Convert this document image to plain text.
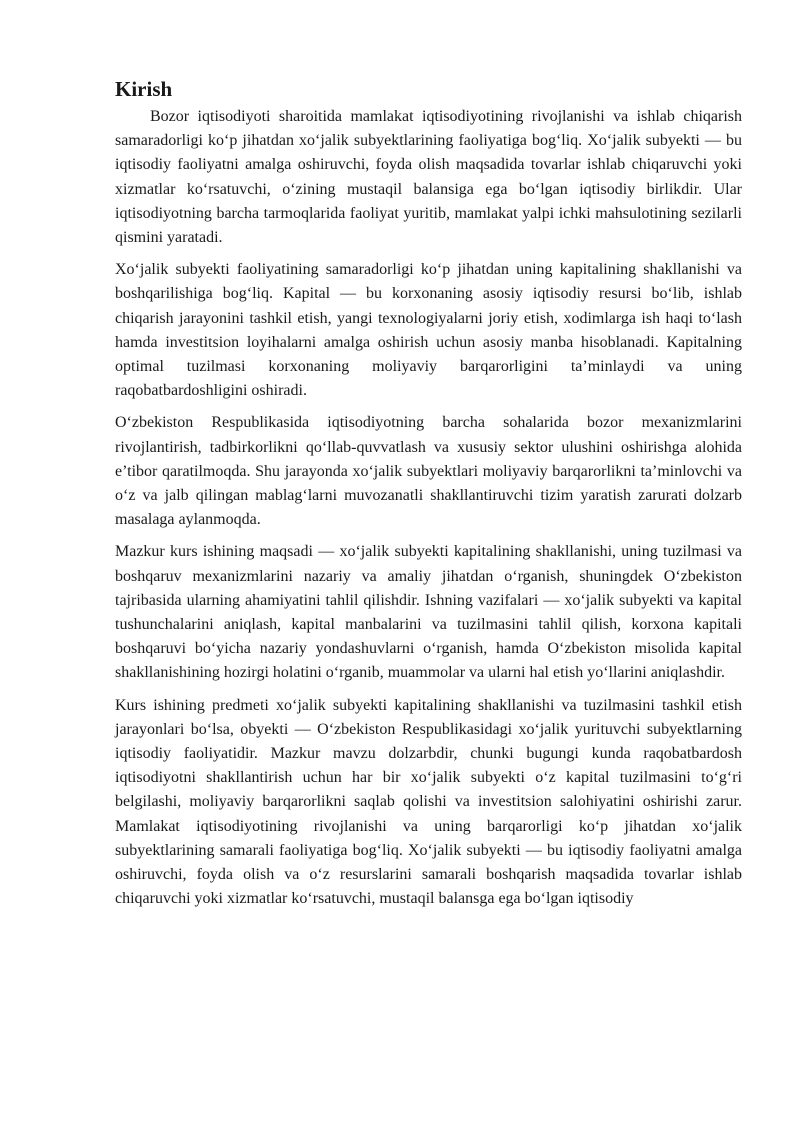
Kirish

Bozor iqtisodiyoti sharoitida mamlakat iqtisodiyotining rivojlanishi va ishlab chiqarish samaradorligi ko‘p jihatdan xo‘jalik subyektlarining faoliyatiga bog‘liq. Xo‘jalik subyekti — bu iqtisodiy faoliyatni amalga oshiruvchi, foyda olish maqsadida tovarlar ishlab chiqaruvchi yoki xizmatlar ko‘rsatuvchi, o‘zining mustaqil balansiga ega bo‘lgan iqtisodiy birlikdir. Ular iqtisodiyotning barcha tarmoqlarida faoliyat yuritib, mamlakat yalpi ichki mahsulotining sezilarli qismini yaratadi.

Xo‘jalik subyekti faoliyatining samaradorligi ko‘p jihatdan uning kapitalining shakllanishi va boshqarilishiga bog‘liq. Kapital — bu korxonaning asosiy iqtisodiy resursi bo‘lib, ishlab chiqarish jarayonini tashkil etish, yangi texnologiyalarni joriy etish, xodimlarga ish haqi to‘lash hamda investitsion loyihalarni amalga oshirish uchun asosiy manba hisoblanadi. Kapitalning optimal tuzilmasi korxonaning moliyaviy barqarorligini ta’minlaydi va uning raqobatbardoshligini oshiradi.

O‘zbekiston Respublikasida iqtisodiyotning barcha sohalarida bozor mexanizmlarini rivojlantirish, tadbirkorlikni qo‘llab-quvvatlash va xususiy sektor ulushini oshirishga alohida e’tibor qaratilmoqda. Shu jarayonda xo‘jalik subyektlari moliyaviy barqarorlikni ta’minlovchi va o‘z va jalb qilingan mablag‘larni muvozanatli shakllantiruvchi tizim yaratish zarurati dolzarb masalaga aylanmoqda.

Mazkur kurs ishining maqsadi — xo‘jalik subyekti kapitalining shakllanishi, uning tuzilmasi va boshqaruv mexanizmlarini nazariy va amaliy jihatdan o‘rganish, shuningdek O‘zbekiston tajribasida ularning ahamiyatini tahlil qilishdir. Ishning vazifalari — xo‘jalik subyekti va kapital tushunchalarini aniqlash, kapital manbalarini va tuzilmasini tahlil qilish, korxona kapitali boshqaruvi bo‘yicha nazariy yondashuvlarni o‘rganish, hamda O‘zbekiston misolida kapital shakllanishining hozirgi holatini o‘rganib, muammolar va ularni hal etish yo‘llarini aniqlashdir.

Kurs ishining predmeti xo‘jalik subyekti kapitalining shakllanishi va tuzilmasini tashkil etish jarayonlari bo‘lsa, obyekti — O‘zbekiston Respublikasidagi xo‘jalik yurituvchi subyektlarning iqtisodiy faoliyatidir. Mazkur mavzu dolzarbdir, chunki bugungi kunda raqobatbardosh iqtisodiyotni shakllantirish uchun har bir xo‘jalik subyekti o‘z kapital tuzilmasini to‘g‘ri belgilashi, moliyaviy barqarorlikni saqlab qolishi va investitsion salohiyatini oshirishi zarur. Mamlakat iqtisodiyotining rivojlanishi va uning barqarorligi ko‘p jihatdan xo‘jalik subyektlarining samarali faoliyatiga bog‘liq. Xo‘jalik subyekti — bu iqtisodiy faoliyatni amalga oshiruvchi, foyda olish va o‘z resurslarini samarali boshqarish maqsadida tovarlar ishlab chiqaruvchi yoki xizmatlar ko‘rsatuvchi, mustaqil balansga ega bo‘lgan iqtisodiy
